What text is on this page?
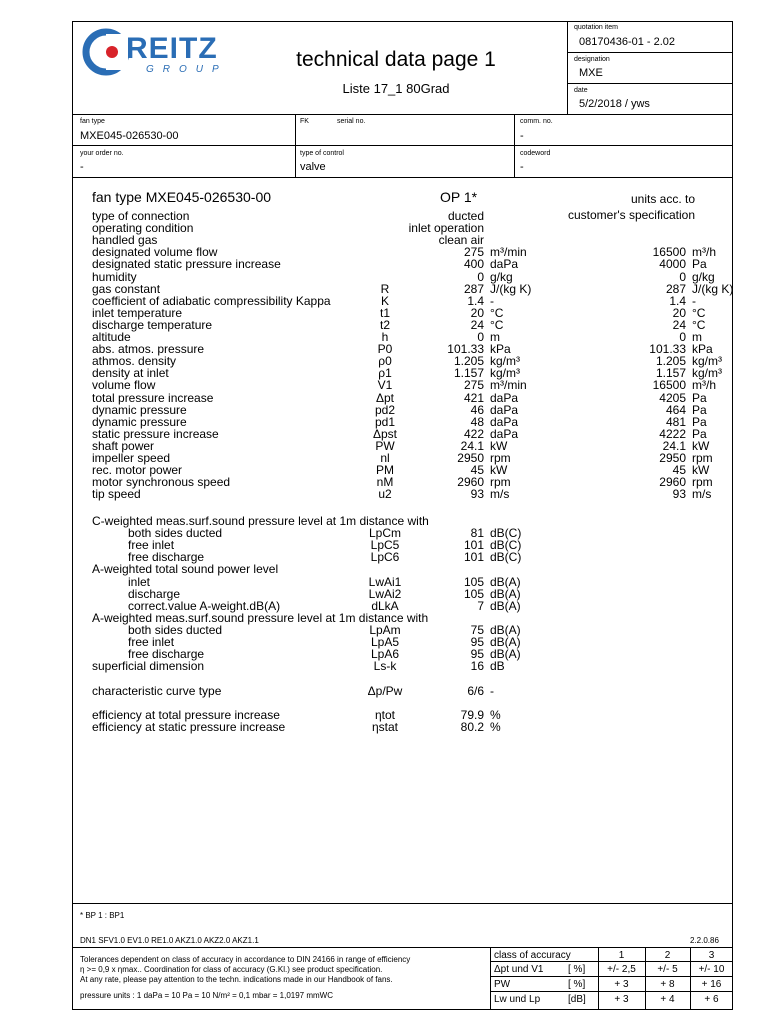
REITZ
GROUP	technical data page 1
Liste 17_1 80Grad
quotation item
08170436-01 - 2.02
designation
MXE
date
5/2/2018 / yws
fan type
MXE045-026530-00
FK	serial no.	comm. no.
-
your order no.
-
type of control
valve
codeword
-
fan type MXE045-026530-00	OP 1*	units acc. to
customer's specification
type of connection	ducted
operating condition	inlet operation
handled gas	clean air
designated volume flow	275 m³/min	16500 m³/h
designated static pressure increase	400 daPa	4000 Pa
humidity	0 g/kg	0 g/kg
gas constant	R	287 J/(kg K)	287 J/(kg K)
coefficient of adiabatic compressibility Kappa	K	1.4 -	1.4 -
inlet temperature	t1	20 °C	20 °C
discharge temperature	t2	24 °C	24 °C
altitude	h	0 m	0 m
abs. atmos. pressure	P0	101.33 kPa	101.33 kPa
athmos. density	ρ0	1.205 kg/m³	1.205 kg/m³
density at inlet	ρ1	1.157 kg/m³	1.157 kg/m³
volume flow	V1	275 m³/min	16500 m³/h
total pressure increase	Δpt	421 daPa	4205 Pa
dynamic pressure	pd2	46 daPa	464 Pa
dynamic pressure	pd1	48 daPa	481 Pa
static pressure increase	Δpst	422 daPa	4222 Pa
shaft power	PW	24.1 kW	24.1 kW
impeller speed	nl	2950 rpm	2950 rpm
rec. motor power	PM	45 kW	45 kW
motor synchronous speed	nM	2960 rpm	2960 rpm
tip speed	u2	93 m/s	93 m/s
C-weighted meas.surf.sound pressure level at 1m distance with
both sides ducted	LpCm	81 dB(C)
free inlet	LpC5	101 dB(C)
free discharge	LpC6	101 dB(C)
A-weighted total sound power level
inlet	LwAi1	105 dB(A)
discharge	LwAi2	105 dB(A)
correct.value A-weight.dB(A)	dLkA	7 dB(A)
A-weighted meas.surf.sound pressure level at 1m distance with
both sides ducted	LpAm	75 dB(A)
free inlet	LpA5	95 dB(A)
free discharge	LpA6	95 dB(A)
superficial dimension	Ls-k	16 dB
characteristic curve type	Δp/Pw	6/6 -
efficiency at total pressure increase	ηtot	79.9 %
efficiency at static pressure increase	ηstat	80.2 %
* BP 1 : BP1
DN1 SFV1.0 EV1.0 RE1.0 AKZ1.0 AKZ2.0 AKZ1.1	2.2.0.86
Tolerances dependent on class of accuracy in accordance to DIN 24166 in range of efficiency
η >= 0,9 x ηmax.. Coordination for class of accuracy (G.Kl.) see product specification.
At any rate, please pay attention to the techn. indications made in our Handbook of fans.
pressure units : 1 daPa = 10 Pa = 10 N/m² = 0,1 mbar = 1,0197 mmWC
class of accuracy	1	2	3
Δpt und V1 [ %]	+/- 2,5	+/- 5	+/- 10
PW	[ %]	+ 3	+ 8	+ 16
Lw und Lp	[dB]	+ 3	+ 4	+ 6
